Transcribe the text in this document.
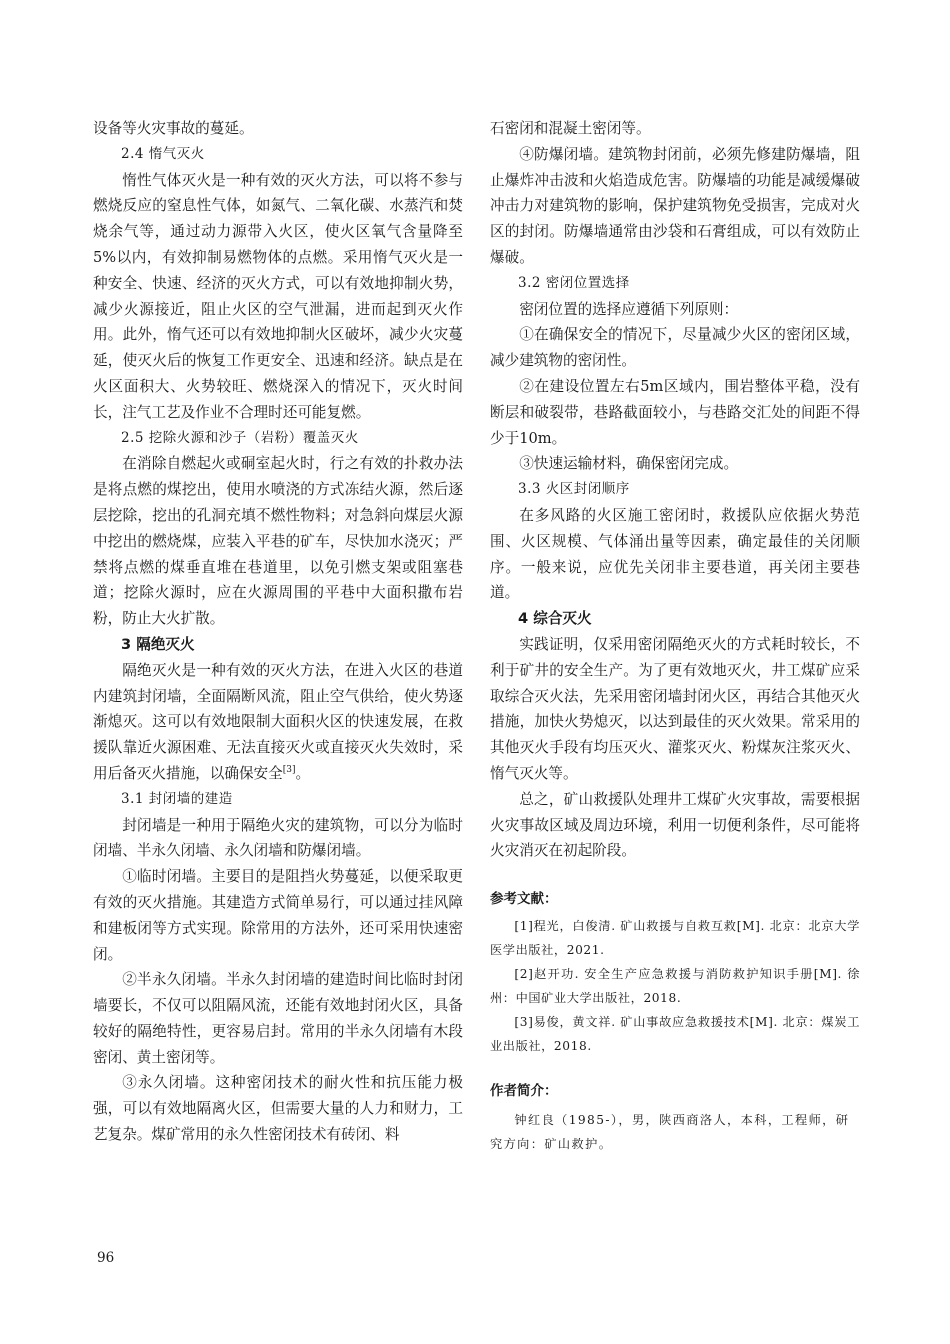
设备等火灾事故的蔓延。

2.4 惰气灭火

惰性气体灭火是一种有效的灭火方法，可以将不参与燃烧反应的窒息性气体，如氮气、二氧化碳、水蒸汽和焚烧余气等，通过动力源带入火区，使火区氧气含量降至5%以内，有效抑制易燃物体的点燃。采用惰气灭火是一种安全、快速、经济的灭火方式，可以有效地抑制火势，减少火源接近，阻止火区的空气泄漏，进而起到灭火作用。此外，惰气还可以有效地抑制火区破坏，减少火灾蔓延，使灭火后的恢复工作更安全、迅速和经济。缺点是在火区面积大、火势较旺、燃烧深入的情况下，灭火时间长，注气工艺及作业不合理时还可能复燃。

2.5 挖除火源和沙子（岩粉）覆盖灭火

在消除自燃起火或硐室起火时，行之有效的扑救办法是将点燃的煤挖出，使用水喷浇的方式冻结火源，然后逐层挖除，挖出的孔洞充填不燃性物料；对急斜向煤层火源中挖出的燃烧煤，应装入平巷的矿车，尽快加水浇灭；严禁将点燃的煤垂直堆在巷道里，以免引燃支架或阻塞巷道；挖除火源时，应在火源周围的平巷中大面积撒布岩粉，防止大火扩散。

3 隔绝灭火

隔绝灭火是一种有效的灭火方法，在进入火区的巷道内建筑封闭墙，全面隔断风流，阻止空气供给，使火势逐渐熄灭。这可以有效地限制大面积火区的快速发展，在救援队靠近火源困难、无法直接灭火或直接灭火失效时，采用后备灭火措施，以确保安全[3]。

3.1 封闭墙的建造

封闭墙是一种用于隔绝火灾的建筑物，可以分为临时闭墙、半永久闭墙、永久闭墙和防爆闭墙。

①临时闭墙。主要目的是阻挡火势蔓延，以便采取更有效的灭火措施。其建造方式简单易行，可以通过挂风障和建板闭等方式实现。除常用的方法外，还可采用快速密闭。

②半永久闭墙。半永久封闭墙的建造时间比临时封闭墙要长，不仅可以阻隔风流，还能有效地封闭火区，具备较好的隔绝特性，更容易启封。常用的半永久闭墙有木段密闭、黄土密闭等。

③永久闭墙。这种密闭技术的耐火性和抗压能力极强，可以有效地隔离火区，但需要大量的人力和财力，工艺复杂。煤矿常用的永久性密闭技术有砖闭、料

石密闭和混凝土密闭等。

④防爆闭墙。建筑物封闭前，必须先修建防爆墙，阻止爆炸冲击波和火焰造成危害。防爆墙的功能是减缓爆破冲击力对建筑物的影响，保护建筑物免受损害，完成对火区的封闭。防爆墙通常由沙袋和石膏组成，可以有效防止爆破。

3.2 密闭位置选择

密闭位置的选择应遵循下列原则：

①在确保安全的情况下，尽量减少火区的密闭区域，减少建筑物的密闭性。

②在建设位置左右5m区域内，围岩整体平稳，没有断层和破裂带，巷路截面较小，与巷路交汇处的间距不得少于10m。

③快速运输材料，确保密闭完成。

3.3 火区封闭顺序

在多风路的火区施工密闭时，救援队应依据火势范围、火区规模、气体涌出量等因素，确定最佳的关闭顺序。一般来说，应优先关闭非主要巷道，再关闭主要巷道。

4 综合灭火

实践证明，仅采用密闭隔绝灭火的方式耗时较长，不利于矿井的安全生产。为了更有效地灭火，井工煤矿应采取综合灭火法，先采用密闭墙封闭火区，再结合其他灭火措施，加快火势熄灭，以达到最佳的灭火效果。常采用的其他灭火手段有均压灭火、灌浆灭火、粉煤灰注浆灭火、惰气灭火等。

总之，矿山救援队处理井工煤矿火灾事故，需要根据火灾事故区域及周边环境，利用一切便利条件，尽可能将火灾消灭在初起阶段。

参考文献：

[1]程光，白俊清. 矿山救援与自救互救[M]. 北京：北京大学医学出版社，2021.

[2]赵开功. 安全生产应急救援与消防救护知识手册[M]. 徐州：中国矿业大学出版社，2018.

[3]易俊，黄文祥. 矿山事故应急救援技术[M]. 北京：煤炭工业出版社，2018.

作者简介：

钟红良（1985-），男，陕西商洛人，本科，工程师，研究方向：矿山救护。

96
